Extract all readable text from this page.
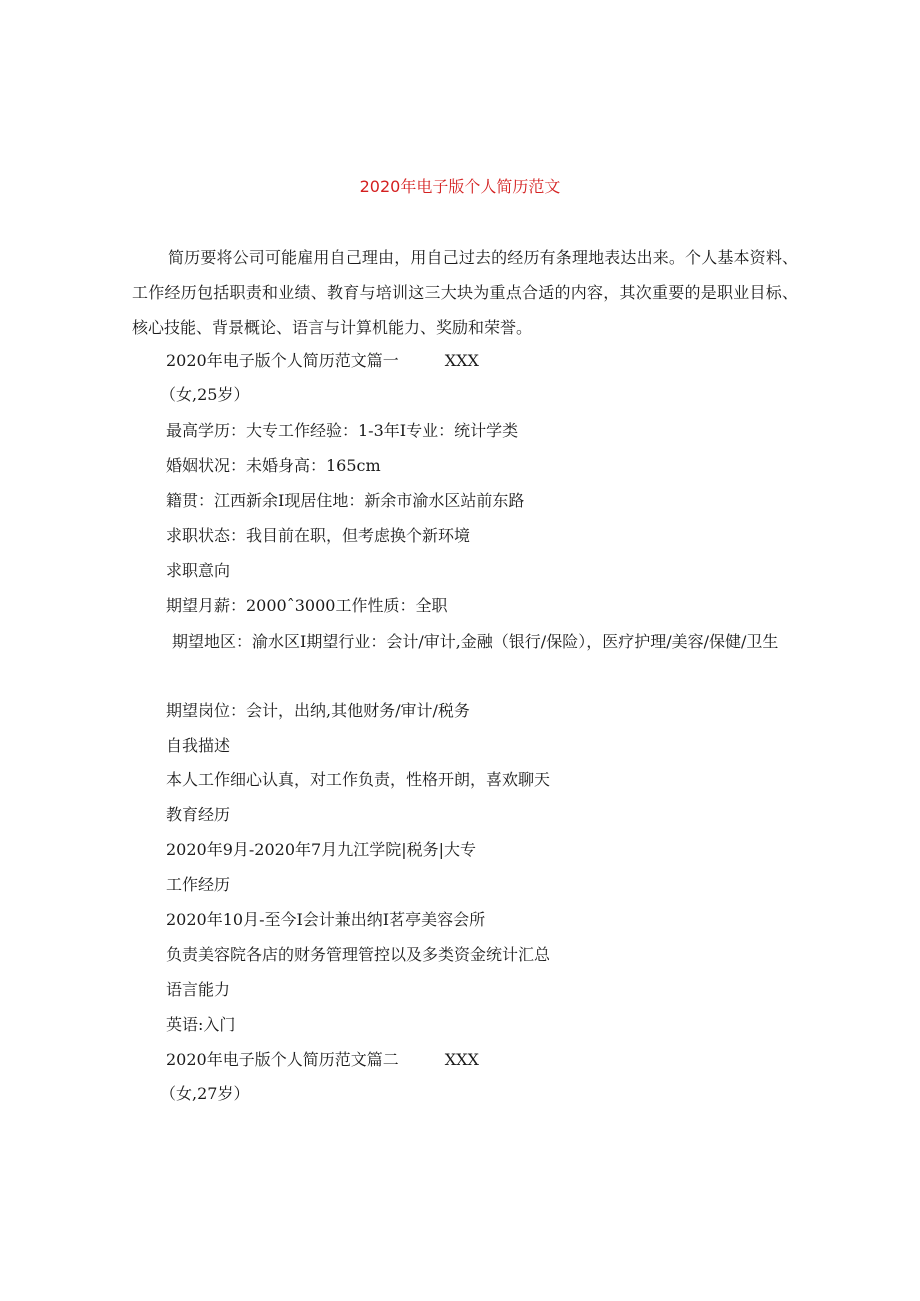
2020年电子版个人简历范文

简历要将公司可能雇用自己理由，用自己过去的经历有条理地表达出来。个人基本资料、工作经历包括职责和业绩、教育与培训这三大块为重点合适的内容，其次重要的是职业目标、核心技能、背景概论、语言与计算机能力、奖励和荣誉。

2020年电子版个人简历范文篇一	XXX

（女,25岁）

最高学历：大专工作经验：1-3年I专业：统计学类

婚姻状况：未婚身高：165cm

籍贯：江西新余I现居住地：新余市渝水区站前东路

求职状态：我目前在职，但考虑换个新环境

求职意向

期望月薪：2000ˆ3000工作性质：全职

期望地区：渝水区I期望行业：会计/审计,金融（银行/保险），医疗护理/美容/保健/卫生

期望岗位：会计，出纳,其他财务/审计/税务

自我描述

本人工作细心认真，对工作负责，性格开朗，喜欢聊天

教育经历

2020年9月-2020年7月九江学院|税务|大专

工作经历

2020年10月-至今I会计兼出纳I茗亭美容会所

负责美容院各店的财务管理管控以及多类资金统计汇总

语言能力

英语:入门

2020年电子版个人简历范文篇二	XXX

（女,27岁）
